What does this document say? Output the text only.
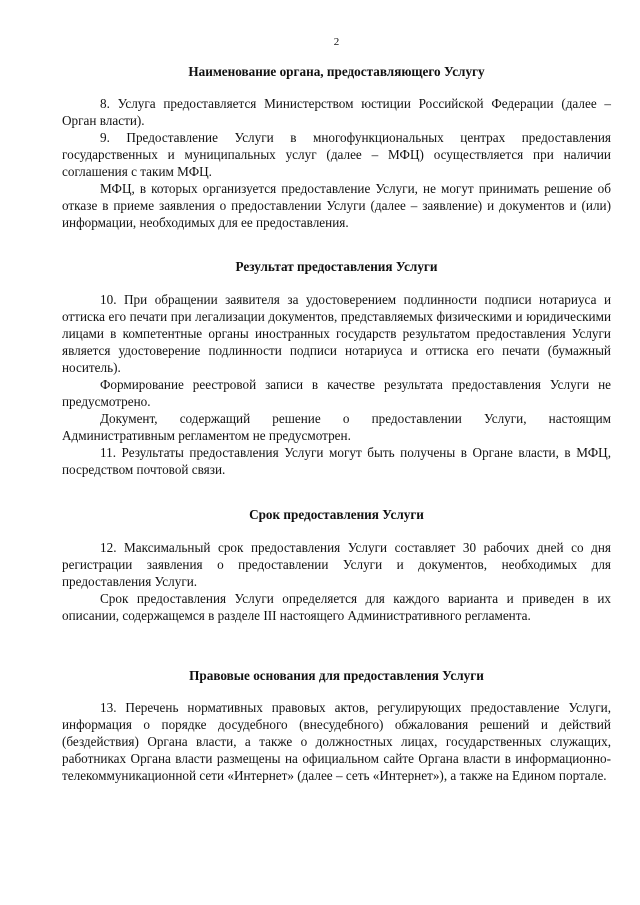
2
Наименование органа, предоставляющего Услугу

8. Услуга предоставляется Министерством юстиции Российской Федерации (далее – Орган власти).

9. Предоставление Услуги в многофункциональных центрах предоставления государственных и муниципальных услуг (далее – МФЦ) осуществляется при наличии соглашения с таким МФЦ.

МФЦ, в которых организуется предоставление Услуги, не могут принимать решение об отказе в приеме заявления о предоставлении Услуги (далее – заявление) и документов и (или) информации, необходимых для ее предоставления.

Результат предоставления Услуги

10. При обращении заявителя за удостоверением подлинности подписи нотариуса и оттиска его печати при легализации документов, представляемых физическими и юридическими лицами в компетентные органы иностранных государств результатом предоставления Услуги является удостоверение подлинности подписи нотариуса и оттиска его печати (бумажный носитель).

Формирование реестровой записи в качестве результата предоставления Услуги не предусмотрено.

Документ, содержащий решение о предоставлении Услуги, настоящим Административным регламентом не предусмотрен.

11. Результаты предоставления Услуги могут быть получены в Органе власти, в МФЦ, посредством почтовой связи.

Срок предоставления Услуги

12. Максимальный срок предоставления Услуги составляет 30 рабочих дней со дня регистрации заявления о предоставлении Услуги и документов, необходимых для предоставления Услуги.

Срок предоставления Услуги определяется для каждого варианта и приведен в их описании, содержащемся в разделе III настоящего Административного регламента.

Правовые основания для предоставления Услуги

13. Перечень нормативных правовых актов, регулирующих предоставление Услуги, информация о порядке досудебного (внесудебного) обжалования решений и действий (бездействия) Органа власти, а также о должностных лицах, государственных служащих, работниках Органа власти размещены на официальном сайте Органа власти в информационно-телекоммуникационной сети «Интернет» (далее – сеть «Интернет»), а также на Едином портале.
